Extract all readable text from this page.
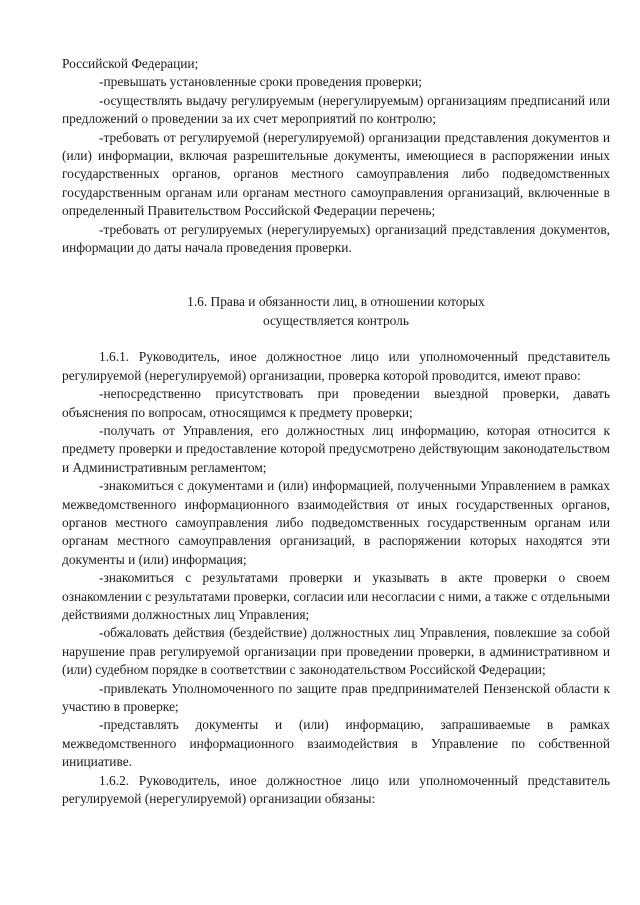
Российской Федерации;

-превышать установленные сроки проведения проверки;

-осуществлять выдачу регулируемым (нерегулируемым) организациям предписаний или предложений о проведении за их счет мероприятий по контролю;

-требовать от регулируемой (нерегулируемой) организации представления документов и (или) информации, включая разрешительные документы, имеющиеся в распоряжении иных государственных органов, органов местного самоуправления либо подведомственных государственным органам или органам местного самоуправления организаций, включенные в определенный Правительством Российской Федерации перечень;

-требовать от регулируемых (нерегулируемых) организаций представления документов, информации до даты начала проведения проверки.

1.6. Права и обязанности лиц, в отношении которых
осуществляется контроль

1.6.1. Руководитель, иное должностное лицо или уполномоченный представитель регулируемой (нерегулируемой) организации, проверка которой проводится, имеют право:

-непосредственно присутствовать при проведении выездной проверки, давать объяснения по вопросам, относящимся к предмету проверки;

-получать от Управления, его должностных лиц информацию, которая относится к предмету проверки и предоставление которой предусмотрено действующим законодательством и Административным регламентом;

-знакомиться с документами и (или) информацией, полученными Управлением в рамках межведомственного информационного взаимодействия от иных государственных органов, органов местного самоуправления либо подведомственных государственным органам или органам местного самоуправления организаций, в распоряжении которых находятся эти документы и (или) информация;

-знакомиться с результатами проверки и указывать в акте проверки о своем ознакомлении с результатами проверки, согласии или несогласии с ними, а также с отдельными действиями должностных лиц Управления;

-обжаловать действия (бездействие) должностных лиц Управления, повлекшие за собой нарушение прав регулируемой организации при проведении проверки, в административном и (или) судебном порядке в соответствии с законодательством Российской Федерации;

-привлекать Уполномоченного по защите прав предпринимателей Пензенской области к участию в проверке;

-представлять документы и (или) информацию, запрашиваемые в рамках межведомственного информационного взаимодействия в Управление по собственной инициативе.

1.6.2. Руководитель, иное должностное лицо или уполномоченный представитель регулируемой (нерегулируемой) организации обязаны:
